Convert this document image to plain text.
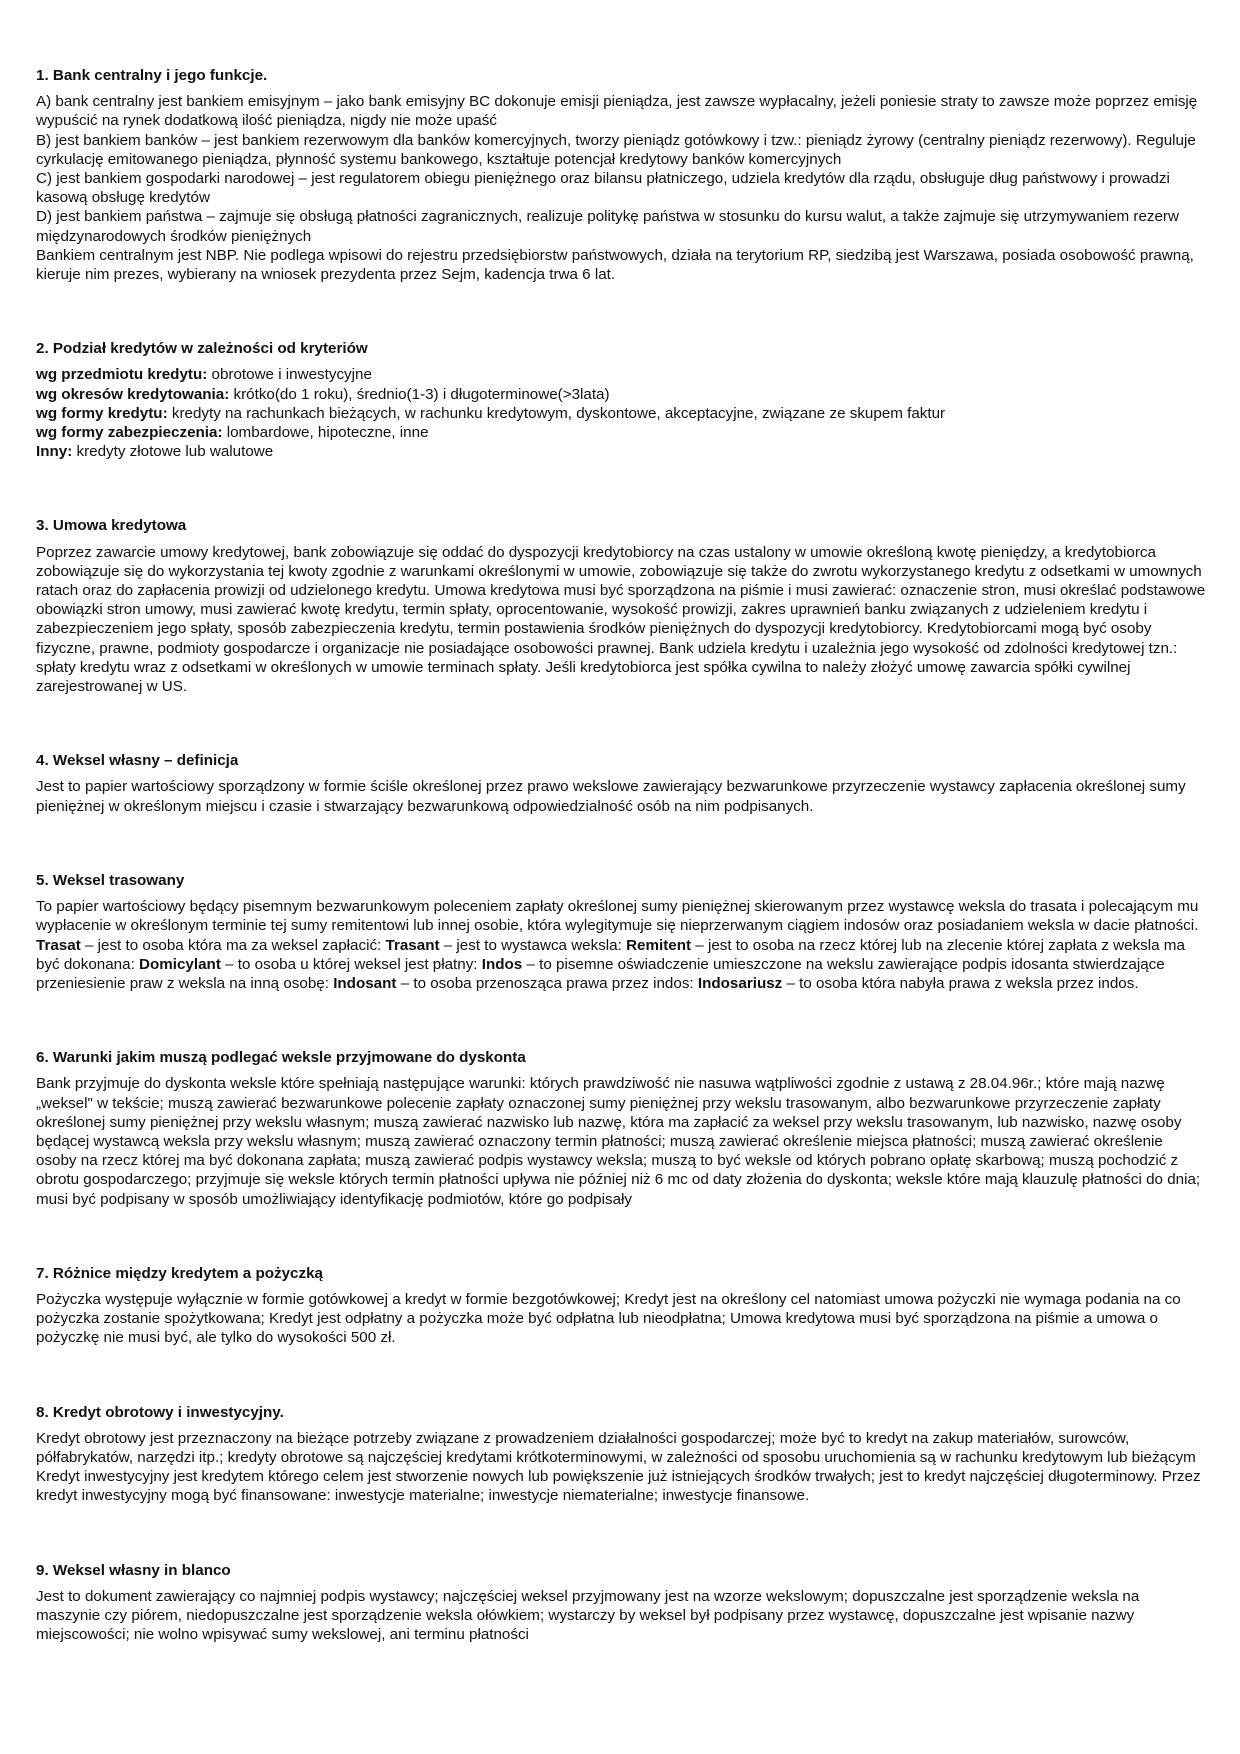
1. Bank centralny i jego funkcje.

A) bank centralny jest bankiem emisyjnym – jako bank emisyjny BC dokonuje emisji pieniądza, jest zawsze wypłacalny, jeżeli poniesie straty to zawsze może poprzez emisję wypuścić na rynek dodatkową ilość pieniądza, nigdy nie może upaść

B) jest bankiem banków – jest bankiem rezerwowym dla banków komercyjnych, tworzy pieniądz gotówkowy i tzw.: pieniądz żyrowy (centralny pieniądz rezerwowy). Reguluje cyrkulację emitowanego pieniądza, płynność systemu bankowego, kształtuje potencjał kredytowy banków komercyjnych

C) jest bankiem gospodarki narodowej – jest regulatorem obiegu pieniężnego oraz bilansu płatniczego, udziela kredytów dla rządu, obsługuje dług państwowy i prowadzi kasową obsługę kredytów

D) jest bankiem państwa – zajmuje się obsługą płatności zagranicznych, realizuje politykę państwa w stosunku do kursu walut, a także zajmuje się utrzymywaniem rezerw międzynarodowych środków pieniężnych

Bankiem centralnym jest NBP. Nie podlega wpisowi do rejestru przedsiębiorstw państwowych, działa na terytorium RP, siedzibą jest Warszawa, posiada osobowość prawną, kieruje nim prezes, wybierany na wniosek prezydenta przez Sejm, kadencja trwa 6 lat.

2. Podział kredytów w zależności od kryteriów

wg przedmiotu kredytu: obrotowe i inwestycyjne

wg okresów kredytowania: krótko(do 1 roku), średnio(1-3) i długoterminowe(>3lata)

wg formy kredytu: kredyty na rachunkach bieżących, w rachunku kredytowym, dyskontowe, akceptacyjne, związane ze skupem faktur

wg formy zabezpieczenia: lombardowe, hipoteczne, inne

Inny: kredyty złotowe lub walutowe

3. Umowa kredytowa

Poprzez zawarcie umowy kredytowej, bank zobowiązuje się oddać do dyspozycji kredytobiorcy na czas ustalony w umowie określoną kwotę pieniędzy, a kredytobiorca zobowiązuje się do wykorzystania tej kwoty zgodnie z warunkami określonymi w umowie, zobowiązuje się także do zwrotu wykorzystanego kredytu z odsetkami w umownych ratach oraz do zapłacenia prowizji od udzielonego kredytu. Umowa kredytowa musi być sporządzona na piśmie i musi zawierać: oznaczenie stron, musi określać podstawowe obowiązki stron umowy, musi zawierać kwotę kredytu, termin spłaty, oprocentowanie, wysokość prowizji, zakres uprawnień banku związanych z udzieleniem kredytu i zabezpieczeniem jego spłaty, sposób zabezpieczenia kredytu, termin postawienia środków pieniężnych do dyspozycji kredytobiorcy. Kredytobiorcami mogą być osoby fizyczne, prawne, podmioty gospodarcze i organizacje nie posiadające osobowości prawnej. Bank udziela kredytu i uzależnia jego wysokość od zdolności kredytowej tzn.: spłaty kredytu wraz z odsetkami w określonych w umowie terminach spłaty. Jeśli kredytobiorca jest spółka cywilna to należy złożyć umowę zawarcia spółki cywilnej zarejestrowanej w US.

4. Weksel własny – definicja

Jest to papier wartościowy sporządzony w formie ściśle określonej przez prawo wekslowe zawierający bezwarunkowe przyrzeczenie wystawcy zapłacenia określonej sumy pieniężnej w określonym miejscu i czasie i stwarzający bezwarunkową odpowiedzialność osób na nim podpisanych.

5. Weksel trasowany

To papier wartościowy będący pisemnym bezwarunkowym poleceniem zapłaty określonej sumy pieniężnej skierowanym przez wystawcę weksla do trasata i polecającym mu wypłacenie w określonym terminie tej sumy remitentowi lub innej osobie, która wylegitymuje się nieprzerwanym ciągiem indosów oraz posiadaniem weksla w dacie płatności.

Trasat – jest to osoba która ma za weksel zapłacić: Trasant – jest to wystawca weksla: Remitent – jest to osoba na rzecz której lub na zlecenie której zapłata z weksla ma być dokonana: Domicylant – to osoba u której weksel jest płatny: Indos – to pisemne oświadczenie umieszczone na wekslu zawierające podpis idosanta stwierdzające przeniesienie praw z weksla na inną osobę: Indosant – to osoba przenosząca prawa przez indos: Indosariusz – to osoba która nabyła prawa z weksla przez indos.

6. Warunki jakim muszą podlegać weksle przyjmowane do dyskonta

Bank przyjmuje do dyskonta weksle które spełniają następujące warunki: których prawdziwość nie nasuwa wątpliwości zgodnie z ustawą z 28.04.96r.; które mają nazwę „weksel" w tekście; muszą zawierać bezwarunkowe polecenie zapłaty oznaczonej sumy pieniężnej przy wekslu trasowanym, albo bezwarunkowe przyrzeczenie zapłaty określonej sumy pieniężnej przy wekslu własnym; muszą zawierać nazwisko lub nazwę, która ma zapłacić za weksel przy wekslu trasowanym, lub nazwisko, nazwę osoby będącej wystawcą weksla przy wekslu własnym; muszą zawierać oznaczony termin płatności; muszą zawierać określenie miejsca płatności; muszą zawierać określenie osoby na rzecz której ma być dokonana zapłata; muszą zawierać podpis wystawcy weksla; muszą to być weksle od których pobrano opłatę skarbową; muszą pochodzić z obrotu gospodarczego; przyjmuje się weksle których termin płatności upływa nie później niż 6 mc od daty złożenia do dyskonta; weksle które mają klauzulę płatności do dnia; musi być podpisany w sposób umożliwiający identyfikację podmiotów, które go podpisały

7. Różnice między kredytem a pożyczką

Pożyczka występuje wyłącznie w formie gotówkowej a kredyt w formie bezgotówkowej; Kredyt jest na określony cel natomiast umowa pożyczki nie wymaga podania na co pożyczka zostanie spożytkowana; Kredyt jest odpłatny a pożyczka może być odpłatna lub nieodpłatna; Umowa kredytowa musi być sporządzona na piśmie a umowa o pożyczkę nie musi być, ale tylko do wysokości 500 zł.

8. Kredyt obrotowy i inwestycyjny.

Kredyt obrotowy jest przeznaczony na bieżące potrzeby związane z prowadzeniem działalności gospodarczej; może być to kredyt na zakup materiałów, surowców, półfabrykatów, narzędzi itp.; kredyty obrotowe są najczęściej kredytami krótkoterminowymi, w zależności od sposobu uruchomienia są w rachunku kredytowym lub bieżącym

Kredyt inwestycyjny jest kredytem którego celem jest stworzenie nowych lub powiększenie już istniejących środków trwałych; jest to kredyt najczęściej długoterminowy. Przez kredyt inwestycyjny mogą być finansowane: inwestycje materialne; inwestycje niematerialne; inwestycje finansowe.

9. Weksel własny in blanco

Jest to dokument zawierający co najmniej podpis wystawcy; najczęściej weksel przyjmowany jest na wzorze wekslowym; dopuszczalne jest sporządzenie weksla na maszynie czy piórem, niedopuszczalne jest sporządzenie weksla ołówkiem; wystarczy by weksel był podpisany przez wystawcę, dopuszczalne jest wpisanie nazwy miejscowości; nie wolno wpisywać sumy wekslowej, ani terminu płatności
